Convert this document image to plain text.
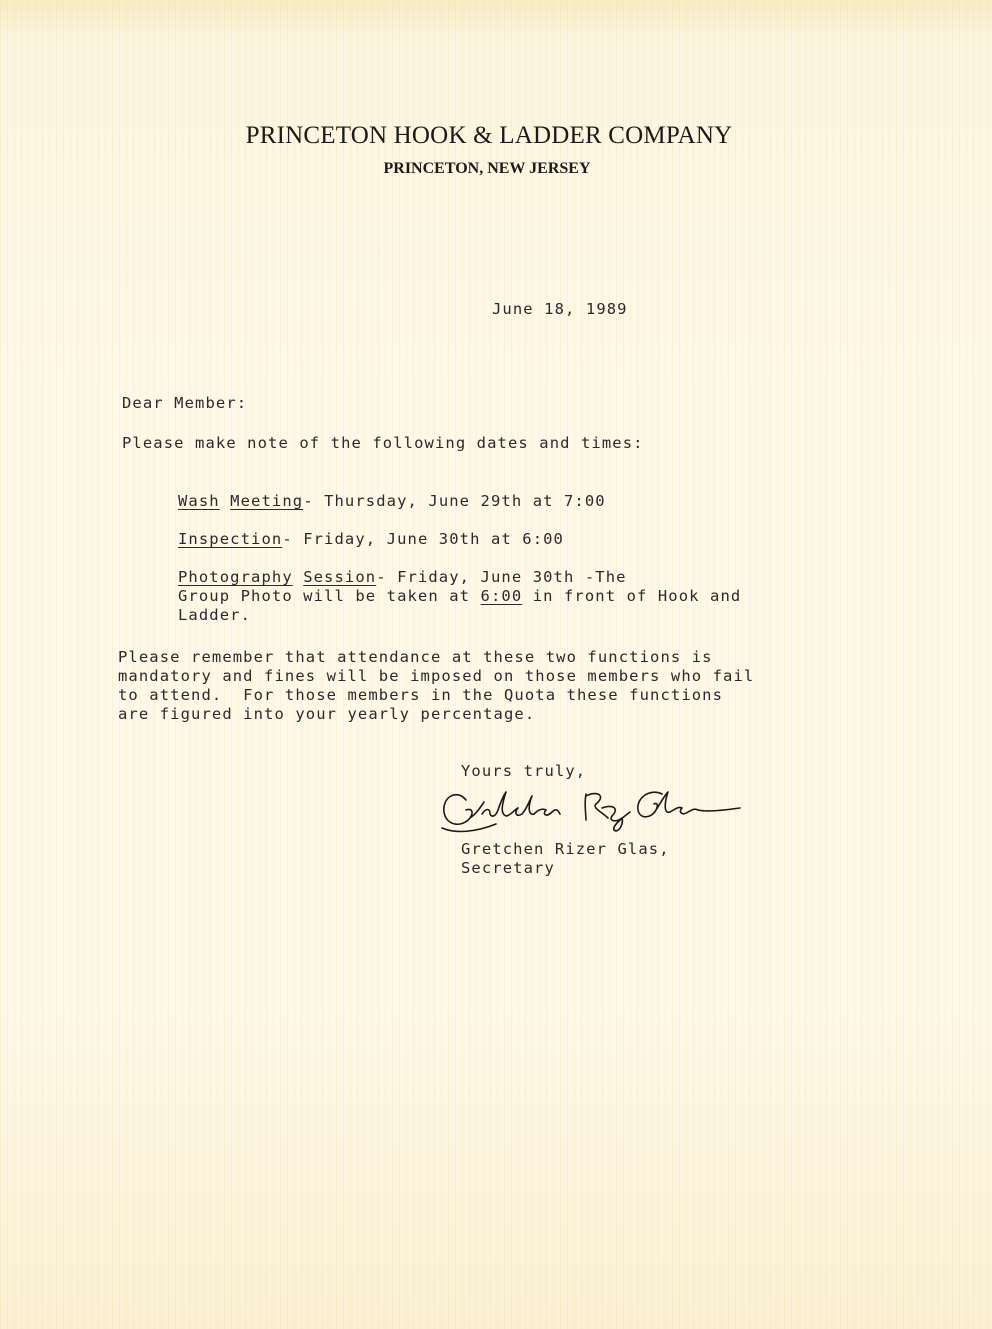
PRINCETON HOOK & LADDER COMPANY
PRINCETON, NEW JERSEY
June 18, 1989
Dear Member:
Please make note of the following dates and times:
Wash Meeting- Thursday, June 29th at 7:00
Inspection- Friday, June 30th at 6:00
Photography Session- Friday, June 30th -The
Group Photo will be taken at 6:00 in front of Hook and
Ladder.
Please remember that attendance at these two functions is
mandatory and fines will be imposed on those members who fail
to attend.  For those members in the Quota these functions
are figured into your yearly percentage.
Yours truly,
Gretchen Rizer Glas,
Secretary
